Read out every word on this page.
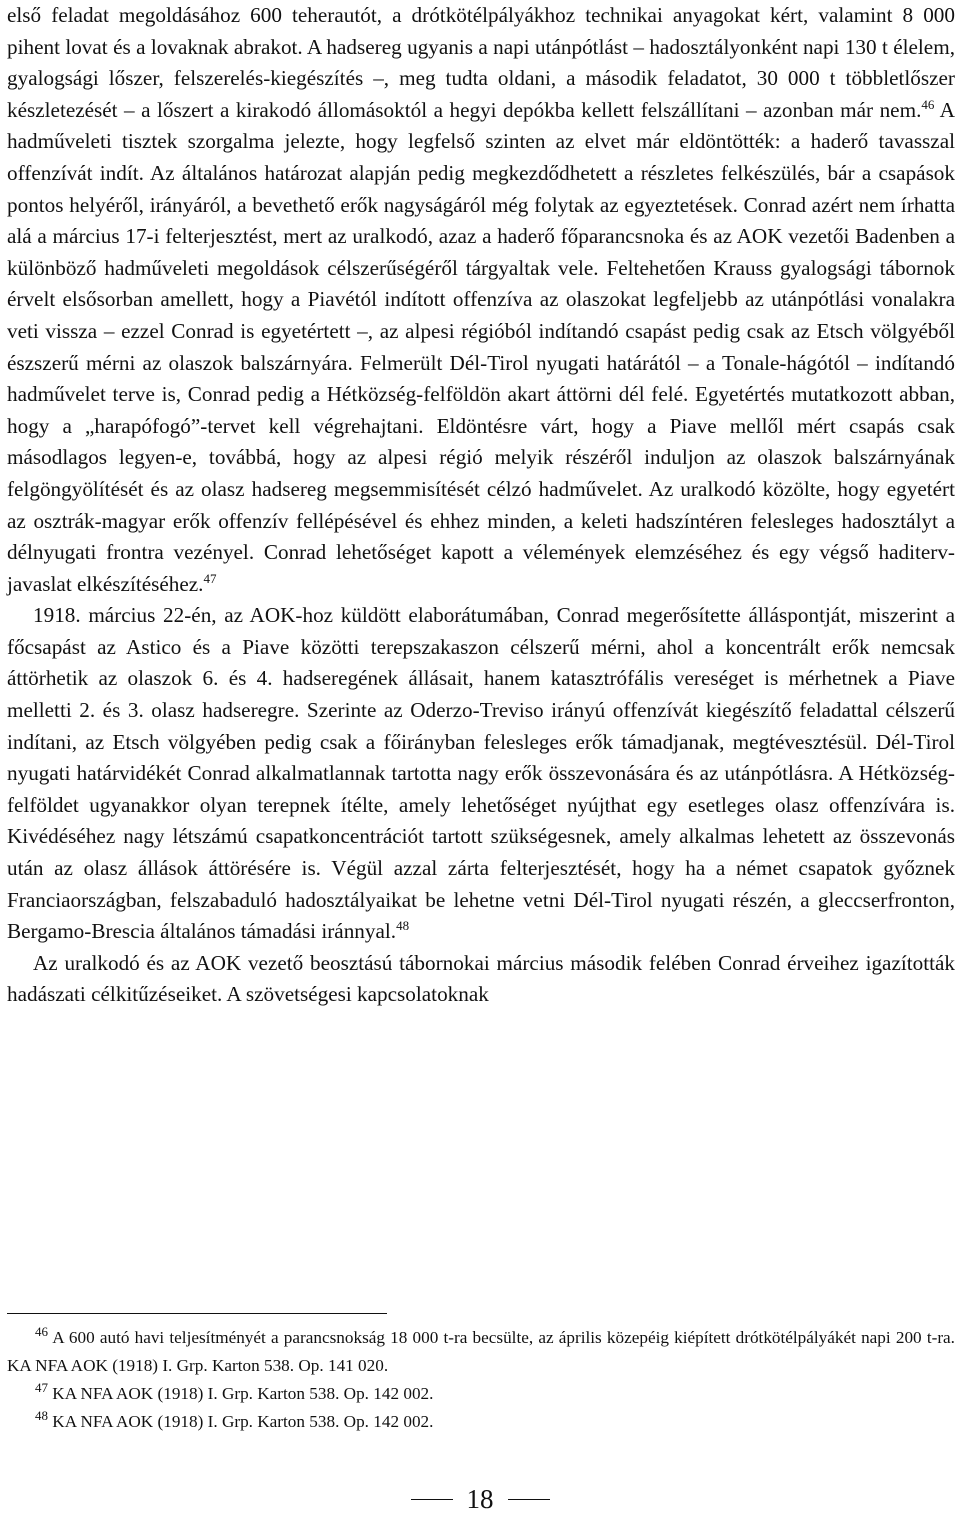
első feladat megoldásához 600 teherautót, a drótkötélpályákhoz technikai anyagokat kért, valamint 8 000 pihent lovat és a lovaknak abrakot. A hadsereg ugyanis a napi utánpótlást – hadosztályonként napi 130 t élelem, gyalogsági lőszer, felszerelés-kiegészítés –, meg tudta oldani, a második feladatot, 30 000 t többletlőszer készletezését – a lőszert a kirakodó állomásoktól a hegyi depókba kellett felszállítani – azonban már nem.$^{46}$ A hadműveleti tisztek szorgalma jelezte, hogy legfelső szinten az elvet már eldöntötték: a haderő tavasszal offenzívát indít. Az általános határozat alapján pedig megkezdődhetett a részletes felkészülés, bár a csapások pontos helyéről, irányáról, a bevethető erők nagyságáról még folytak az egyeztetések. Conrad azért nem írhatta alá a március 17-i felterjesztést, mert az uralkodó, azaz a haderő főparancsnoka és az AOK vezetői Badenben a különböző hadműveleti megoldások célszerűségéről tárgyaltak vele. Feltehetően Krauss gyalogsági tábornok érvelt elsősorban amellett, hogy a Piavétól indított offenzíva az olaszokat legfeljebb az utánpótlási vonalakra veti vissza – ezzel Conrad is egyetértett –, az alpesi régióból indítandó csapást pedig csak az Etsch völgyéből észszerű mérni az olaszok balszárnyára. Felmerült Dél-Tirol nyugati határától – a Tonale-hágótól – indítandó hadművelet terve is, Conrad pedig a Hétközség-felföldön akart áttörni dél felé. Egyetértés mutatkozott abban, hogy a „harapófogó”-tervet kell végrehajtani. Eldöntésre várt, hogy a Piave mellől mért csapás csak másodlagos legyen-e, továbbá, hogy az alpesi régió melyik részéről induljon az olaszok balszárnyának felgöngyölítését és az olasz hadsereg megsemmisítését célzó hadművelet. Az uralkodó közölte, hogy egyetért az osztrák-magyar erők offenzív fellépésével és ehhez minden, a keleti hadszíntéren felesleges hadosztályt a délnyugati frontra vezényel. Conrad lehetőséget kapott a vélemények elemzéséhez és egy végső haditerv-javaslat elkészítéséhez.$^{47}$

1918. március 22-én, az AOK-hoz küldött elaborátumában, Conrad megerősítette álláspontját, miszerint a főcsapást az Astico és a Piave közötti terepszakaszon célszerű mérni, ahol a koncentrált erők nemcsak áttörhetik az olaszok 6. és 4. hadseregének állásait, hanem katasztrófális vereséget is mérhetnek a Piave melletti 2. és 3. olasz hadseregre. Szerinte az Oderzo-Treviso irányú offenzívát kiegészítő feladattal célszerű indítani, az Etsch völgyében pedig csak a főirányban felesleges erők támadjanak, megtévesztésül. Dél-Tirol nyugati határvidékét Conrad alkalmatlannak tartotta nagy erők összevonására és az utánpótlásra. A Hétközség-felföldet ugyanakkor olyan terepnek ítélte, amely lehetőséget nyújthat egy esetleges olasz offenzívára is. Kivédéséhez nagy létszámú csapatkoncentrációt tartott szükségesnek, amely alkalmas lehetett az összevonás után az olasz állások áttörésére is. Végül azzal zárta felterjesztését, hogy ha a német csapatok győznek Franciaországban, felszabaduló hadosztályaikat be lehetne vetni Dél-Tirol nyugati részén, a gleccserfronton, Bergamo-Brescia általános támadási iránnyal.$^{48}$

Az uralkodó és az AOK vezető beosztású tábornokai március második felében Conrad érveihez igazították hadászati célkitűzéseiket. A szövetségesi kapcsolatoknak

$^{46}$ A 600 autó havi teljesítményét a parancsnokság 18 000 t-ra becsülte, az április közepéig kiépített drótkötélpályákét napi 200 t-ra. KA NFA AOK (1918) I. Grp. Karton 538. Op. 141 020.

$^{47}$ KA NFA AOK (1918) I. Grp. Karton 538. Op. 142 002.

$^{48}$ KA NFA AOK (1918) I. Grp. Karton 538. Op. 142 002.

18
